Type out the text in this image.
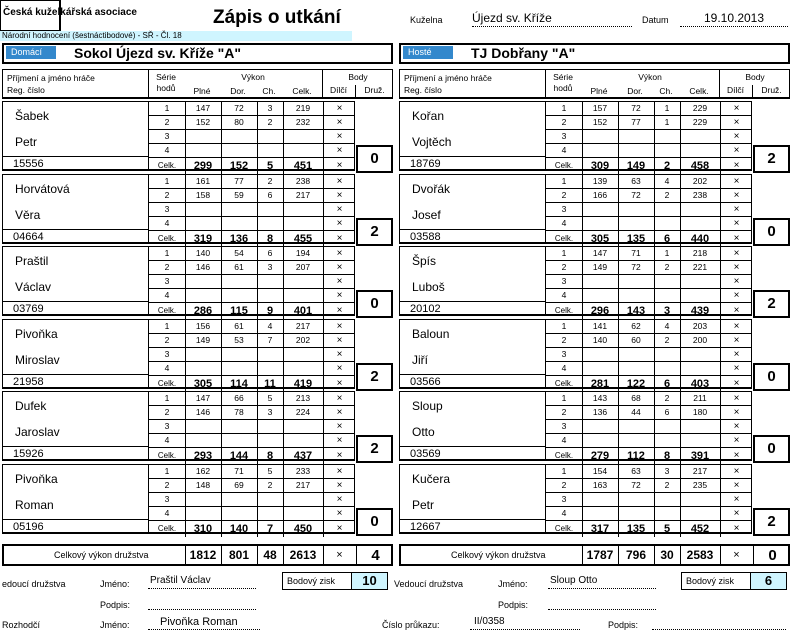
Česká kuželkářská asociace	Zápis o utkání
Národní hodnocení (šestnáctibodové) - SŘ - Čl. 18
Kuželna Újezd sv. Kříže	Datum	19.10.2013
Rozhodčí	Jméno:	Pivoňka Roman	Číslo průkazu:	II/0358	Podpis:
Domácí	Sokol Újezd sv. Kříže "A"
Příjmení a jméno hráče
Reg. číslo
Série
hodů
Výkon
Plné	Dor.	Ch.	Celk.
Body
Dílčí	Druž.
Šabek
Petr
15556
1	147	72	3	219	×
2	152	80	2	232	×
3	×
4	×
Celk.	299	152	5	451	×	0
Horvátová
Věra
04664
1	161	77	2	238	×
2	158	59	6	217	×
3	×
4	×
Celk.	319	136	8	455	×	2
Praštil
Václav
03769
1	140	54	6	194	×
2	146	61	3	207	×
3	×
4	×
Celk.	286	115	9	401	×	0
Pivoňka
Miroslav
21958
1	156	61	4	217	×
2	149	53	7	202	×
3	×
4	×
Celk.	305	114	11	419	×	2
Dufek
Jaroslav
15926
1	147	66	5	213	×
2	146	78	3	224	×
3	×
4	×
Celk.	293	144	8	437	×	2
Pivoňka
Roman
05196
1	162	71	5	233	×
2	148	69	2	217	×
3	×
4	×
Celk.	310	140	7	450	×	0
Celkový výkon družstva	1812	801	48	2613	×	4
Hosté	TJ Dobřany "A"
Příjmení a jméno hráče
Reg. číslo
Série
hodů
Výkon
Plné	Dor.	Ch.	Celk.
Body
Dílčí	Druž.
Kořan
Vojtěch
18769
1	157	72	1	229	×
2	152	77	1	229	×
3	×
4	×
Celk.	309	149	2	458	×	2
Dvořák
Josef
03588
1	139	63	4	202	×
2	166	72	2	238	×
3	×
4	×
Celk.	305	135	6	440	×	0
Špís
Luboš
20102
1	147	71	1	218	×
2	149	72	2	221	×
3	×
4	×
Celk.	296	143	3	439	×	2
Baloun
Jiří
03566
1	141	62	4	203	×
2	140	60	2	200	×
3	×
4	×
Celk.	281	122	6	403	×	0
Sloup
Otto
03569
1	143	68	2	211	×
2	136	44	6	180	×
3	×
4	×
Celk.	279	112	8	391	×	0
Kučera
Petr
12667
1	154	63	3	217	×
2	163	72	2	235	×
3	×
4	×
Celk.	317	135	5	452	×	2
Celkový výkon družstva	1787	796	30	2583	×	0
edoucí družstva	Jméno: Praštil Václav
Podpis:
Bodový zisk	10	Vedoucí družstva	Jméno: Sloup Otto
Podpis:
Bodový zisk	6
